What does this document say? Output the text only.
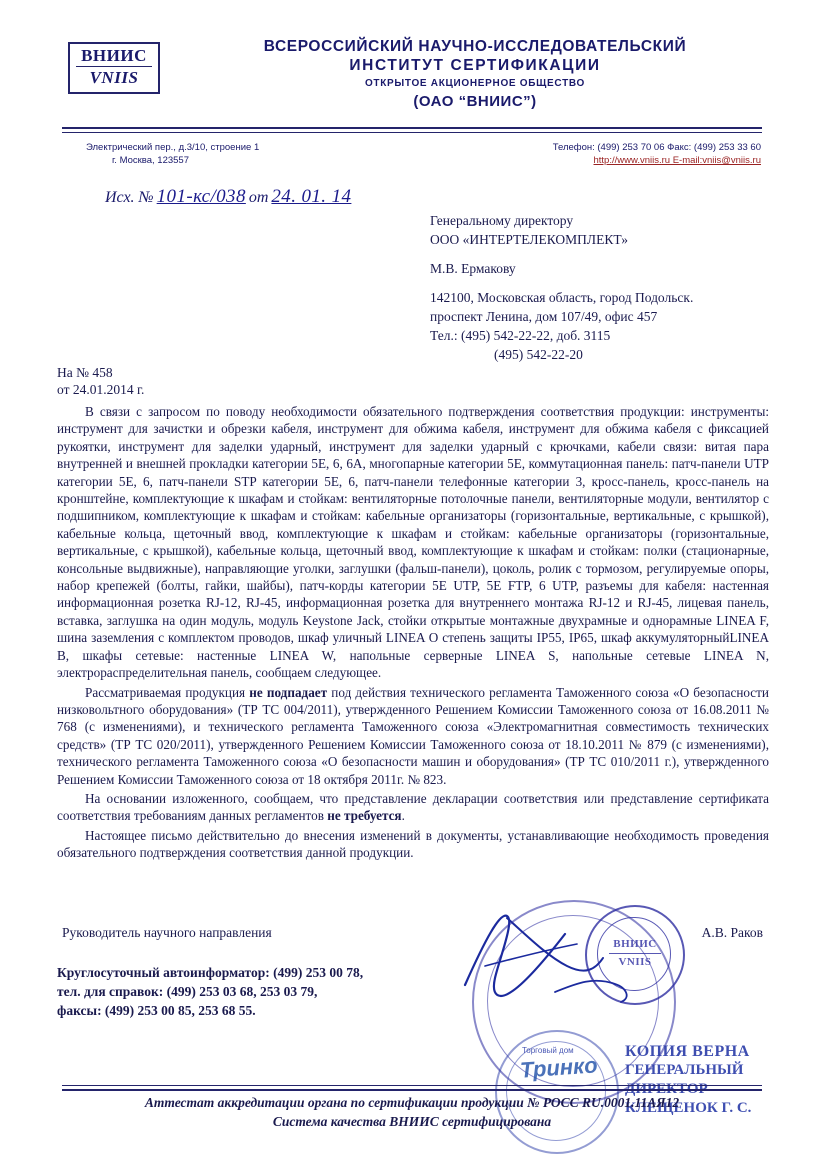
ВНИИС
VNIIS
ВСЕРОССИЙСКИЙ НАУЧНО-ИССЛЕДОВАТЕЛЬСКИЙ
ИНСТИТУТ СЕРТИФИКАЦИИ
ОТКРЫТОЕ АКЦИОНЕРНОЕ ОБЩЕСТВО
(ОАО “ВНИИС”)
Электрический пер., д.3/10, строение 1
г. Москва, 123557
Телефон: (499) 253 70 06 Факс: (499) 253 33 60
http://www.vniis.ru E-mail:vniis@vniis.ru
Исх. № 101-кс/038 от 24. 01. 14
Генеральному директору
ООО «ИНТЕРТЕЛЕКОМПЛЕКТ»
М.В. Ермакову
142100, Московская область, город Подольск.
проспект Ленина, дом 107/49, офис 457
Тел.: (495) 542-22-22, доб. 3115
(495) 542-22-20
На № 458
от 24.01.2014 г.

В связи с запросом по поводу необходимости обязательного подтверждения соответствия продукции: инструменты: инструмент для зачистки и обрезки кабеля, инструмент для обжима кабеля, инструмент для обжима кабеля с фиксацией рукоятки, инструмент для заделки ударный, инструмент для заделки ударный с крючками, кабели связи: витая пара внутренней и внешней прокладки категории 5Е, 6, 6А, многопарные категории 5Е, коммутационная панель: патч-панели UTP категории 5Е, 6, патч-панели STP категории 5Е, 6, патч-панели телефонные категории 3, кросс-панель, кросс-панель на кронштейне, комплектующие к шкафам и стойкам: вентиляторные потолочные панели, вентиляторные модули, вентилятор с подшипником, комплектующие к шкафам и стойкам: кабельные организаторы (горизонтальные, вертикальные, с крышкой), кабельные кольца, щеточный ввод, комплектующие к шкафам и стойкам: кабельные организаторы (горизонтальные, вертикальные, с крышкой), кабельные кольца, щеточный ввод, комплектующие к шкафам и стойкам: полки (стационарные, консольные выдвижные), направляющие уголки, заглушки (фальш-панели), цоколь, ролик с тормозом, регулируемые опоры, набор крепежей (болты, гайки, шайбы), патч-корды категории 5Е UTP, 5Е FTP, 6 UTP, разъемы для кабеля: настенная информационная розетка RJ-12, RJ-45, информационная розетка для внутреннего монтажа RJ-12 и RJ-45, лицевая панель, вставка, заглушка на один модуль, модуль Keystone Jack, стойки открытые монтажные двухрамные и однорамные LINEA F, шина заземления с комплектом проводов, шкаф уличный LINEA O степень защиты IP55, IP65, шкаф аккумуляторныйLINEA B, шкафы сетевые: настенные LINEA W, напольные серверные LINEA S, напольные сетевые LINEA N, электрораспределительная панель, сообщаем следующее.

Рассматриваемая продукция не подпадает под действия технического регламента Таможенного союза «О безопасности низковольтного оборудования» (ТР ТС 004/2011), утвержденного Решением Комиссии Таможенного союза от 16.08.2011 № 768 (с изменениями), и технического регламента Таможенного союза «Электромагнитная совместимость технических средств» (ТР ТС 020/2011), утвержденного Решением Комиссии Таможенного союза от 18.10.2011 № 879 (с изменениями), технического регламента Таможенного союза «О безопасности машин и оборудования» (ТР ТС 010/2011 г.), утвержденного Решением Комиссии Таможенного союза от 18 октября 2011г. № 823.

На основании изложенного, сообщаем, что представление декларации соответствия или представление сертификата соответствия требованиям данных регламентов не требуется.

Настоящее письмо действительно до внесения изменений в документы, устанавливающие необходимость проведения обязательного подтверждения соответствия данной продукции.

Руководитель научного направления	А.В. Раков
ВНИИС
VNIIS
Торговый дом
Тринко
КОПИЯ ВЕРНА
ГЕНЕРАЛЬНЫЙ ДИРЕКТОР
КЛЕЩЕНОК Г. С.
Круглосуточный автоинформатор: (499) 253 00 78,
тел. для справок: (499) 253 03 68, 253 03 79,
факсы: (499) 253 00 85, 253 68 55.
Аттестат аккредитации органа по сертификации продукции № РОСС RU.0001.11АЯ12
Система качества ВНИИС сертифицирована
